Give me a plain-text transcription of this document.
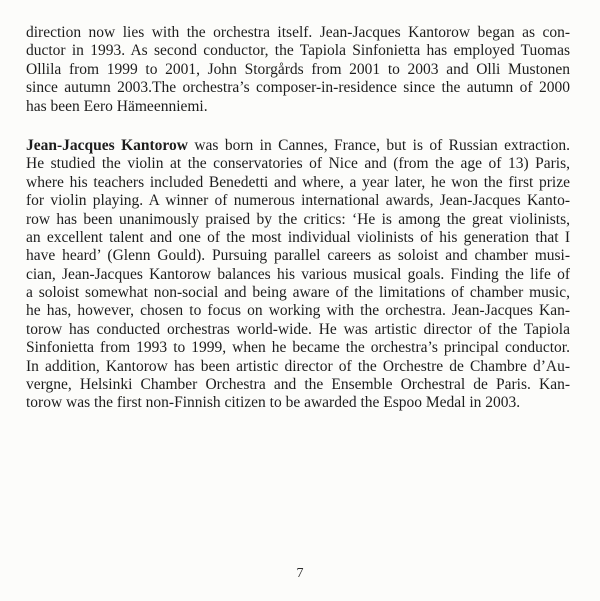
direction now lies with the orchestra itself. Jean-Jacques Kantorow began as con-
ductor in 1993. As second conductor, the Tapiola Sinfonietta has employed Tuomas
Ollila from 1999 to 2001, John Storgårds from 2001 to 2003 and Olli Mustonen
since autumn 2003.The orchestra’s composer-in-residence since the autumn of 2000
has been Eero Hämeenniemi.
Jean-Jacques Kantorow was born in Cannes, France, but is of Russian extraction.
He studied the violin at the conservatories of Nice and (from the age of 13) Paris,
where his teachers included Benedetti and where, a year later, he won the first prize
for violin playing. A winner of numerous international awards, Jean-Jacques Kanto-
row has been unanimously praised by the critics: ‘He is among the great violinists,
an excellent talent and one of the most individual violinists of his generation that I
have heard’ (Glenn Gould). Pursuing parallel careers as soloist and chamber musi-
cian, Jean-Jacques Kantorow balances his various musical goals. Finding the life of
a soloist somewhat non-social and being aware of the limitations of chamber music,
he has, however, chosen to focus on working with the orchestra. Jean-Jacques Kan-
torow has conducted orchestras world-wide. He was artistic director of the Tapiola
Sinfonietta from 1993 to 1999, when he became the orchestra’s principal conductor.
In addition, Kantorow has been artistic director of the Orchestre de Chambre d’Au-
vergne, Helsinki Chamber Orchestra and the Ensemble Orchestral de Paris. Kan-
torow was the first non-Finnish citizen to be awarded the Espoo Medal in 2003.
7
